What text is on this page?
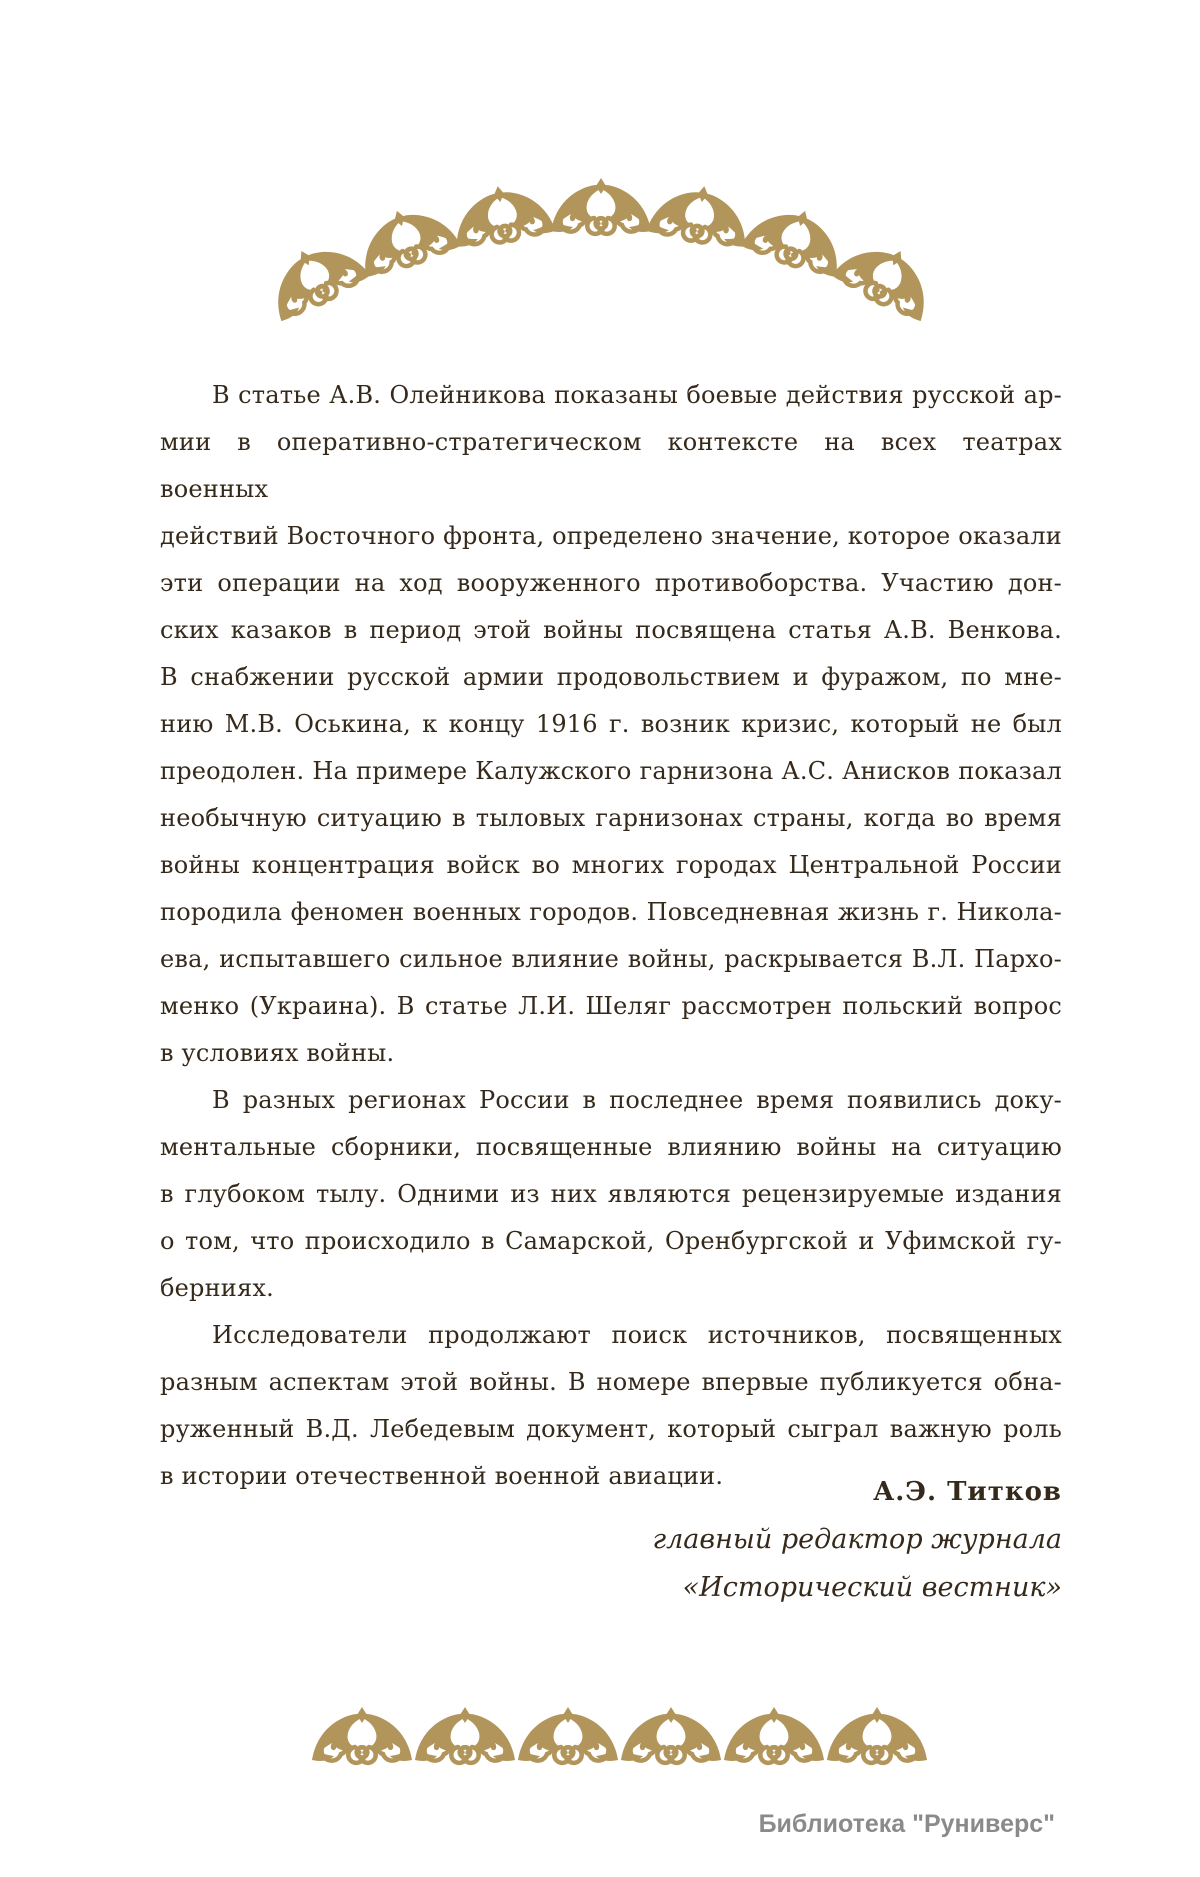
В статье А.В. Олейникова показаны боевые действия русской ар-
мии в оперативно-стратегическом контексте на всех театрах военных
действий Восточного фронта, определено значение, которое оказали
эти операции на ход вооруженного противоборства. Участию дон-
ских казаков в период этой войны посвящена статья А.В. Венкова.
В снабжении русской армии продовольствием и фуражом, по мне-
нию М.В. Оськина, к концу 1916 г. возник кризис, который не был
преодолен. На примере Калужского гарнизона А.С. Анисков показал
необычную ситуацию в тыловых гарнизонах страны, когда во время
войны концентрация войск во многих городах Центральной России
породила феномен военных городов. Повседневная жизнь г. Никола-
ева, испытавшего сильное влияние войны, раскрывается В.Л. Пархо-
менко (Украина). В статье Л.И. Шеляг рассмотрен польский вопрос
в условиях войны.
В разных регионах России в последнее время появились доку-
ментальные сборники, посвященные влиянию войны на ситуацию
в глубоком тылу. Одними из них являются рецензируемые издания
о том, что происходило в Самарской, Оренбургской и Уфимской гу-
берниях.
Исследователи продолжают поиск источников, посвященных
разным аспектам этой войны. В номере впервые публикуется обна-
руженный В.Д. Лебедевым документ, который сыграл важную роль
в истории отечественной военной авиации.
А.Э. Титков
главный редактор журнала
«Исторический вестник»
Библиотека "Руниверс"
